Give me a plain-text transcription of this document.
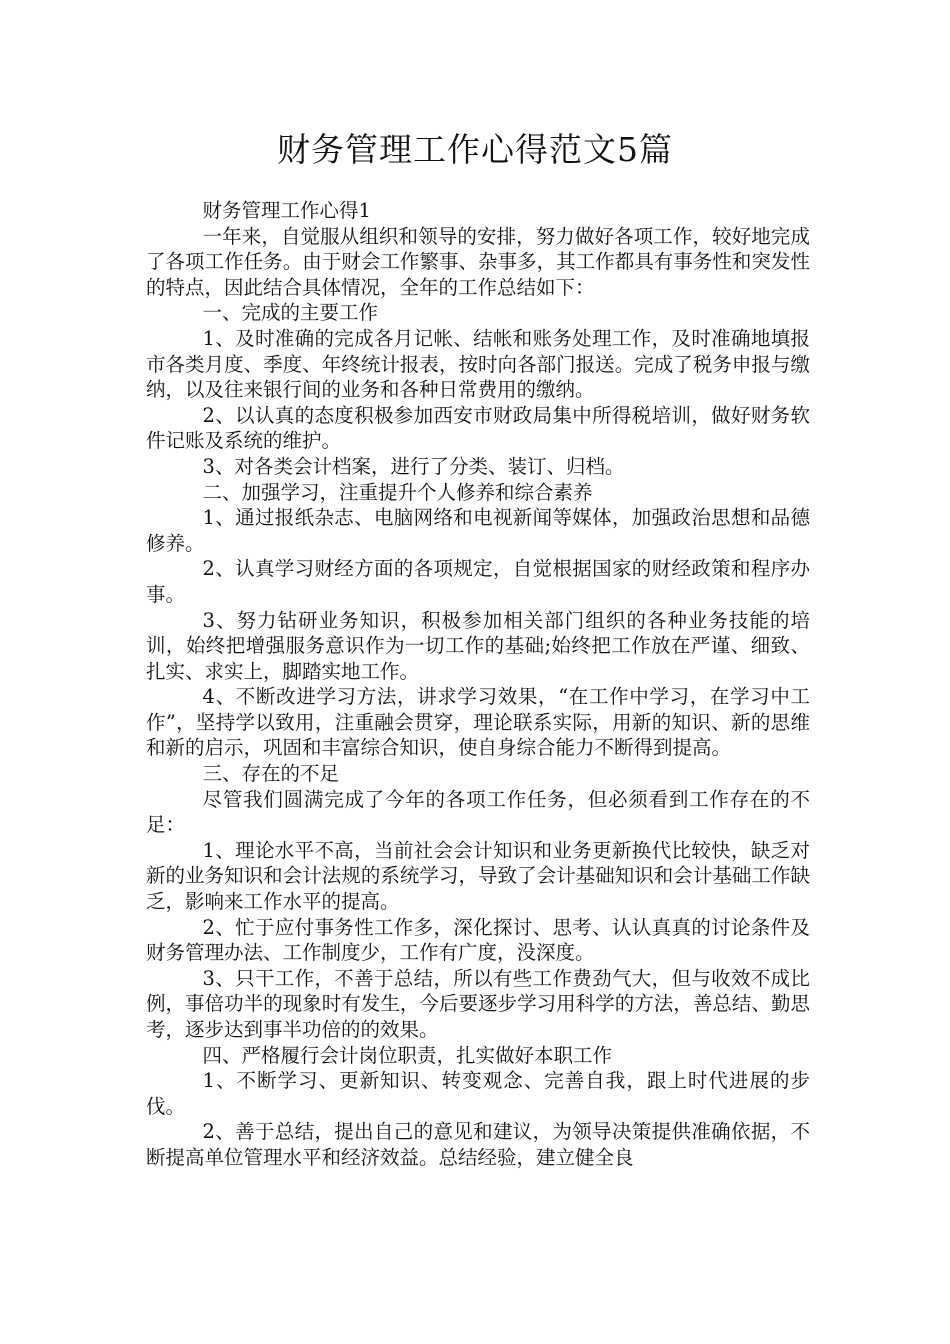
财务管理工作心得范文5篇

财务管理工作心得1

一年来，自觉服从组织和领导的安排，努力做好各项工作，较好地完成了各项工作任务。由于财会工作繁事、杂事多，其工作都具有事务性和突发性的特点，因此结合具体情况，全年的工作总结如下：

一、完成的主要工作

1、及时准确的完成各月记帐、结帐和账务处理工作，及时准确地填报市各类月度、季度、年终统计报表，按时向各部门报送。完成了税务申报与缴纳，以及往来银行间的业务和各种日常费用的缴纳。

2、以认真的态度积极参加西安市财政局集中所得税培训，做好财务软件记账及系统的维护。

3、对各类会计档案，进行了分类、装订、归档。

二、加强学习，注重提升个人修养和综合素养

1、通过报纸杂志、电脑网络和电视新闻等媒体，加强政治思想和品德修养。

2、认真学习财经方面的各项规定，自觉根据国家的财经政策和程序办事。

3、努力钻研业务知识，积极参加相关部门组织的各种业务技能的培训，始终把增强服务意识作为一切工作的基础;始终把工作放在严谨、细致、扎实、求实上，脚踏实地工作。

4、不断改进学习方法，讲求学习效果，“在工作中学习，在学习中工作”，坚持学以致用，注重融会贯穿，理论联系实际，用新的知识、新的思维和新的启示，巩固和丰富综合知识，使自身综合能力不断得到提高。

三、存在的不足

尽管我们圆满完成了今年的各项工作任务，但必须看到工作存在的不足：

1、理论水平不高，当前社会会计知识和业务更新换代比较快，缺乏对新的业务知识和会计法规的系统学习，导致了会计基础知识和会计基础工作缺乏，影响来工作水平的提高。

2、忙于应付事务性工作多，深化探讨、思考、认认真真的讨论条件及财务管理办法、工作制度少，工作有广度，没深度。

3、只干工作，不善于总结，所以有些工作费劲气大，但与收效不成比例，事倍功半的现象时有发生，今后要逐步学习用科学的方法，善总结、勤思考，逐步达到事半功倍的的效果。

四、严格履行会计岗位职责，扎实做好本职工作

1、不断学习、更新知识、转变观念、完善自我，跟上时代进展的步伐。

2、善于总结，提出自己的意见和建议，为领导决策提供准确依据，不断提高单位管理水平和经济效益。总结经验，建立健全良
